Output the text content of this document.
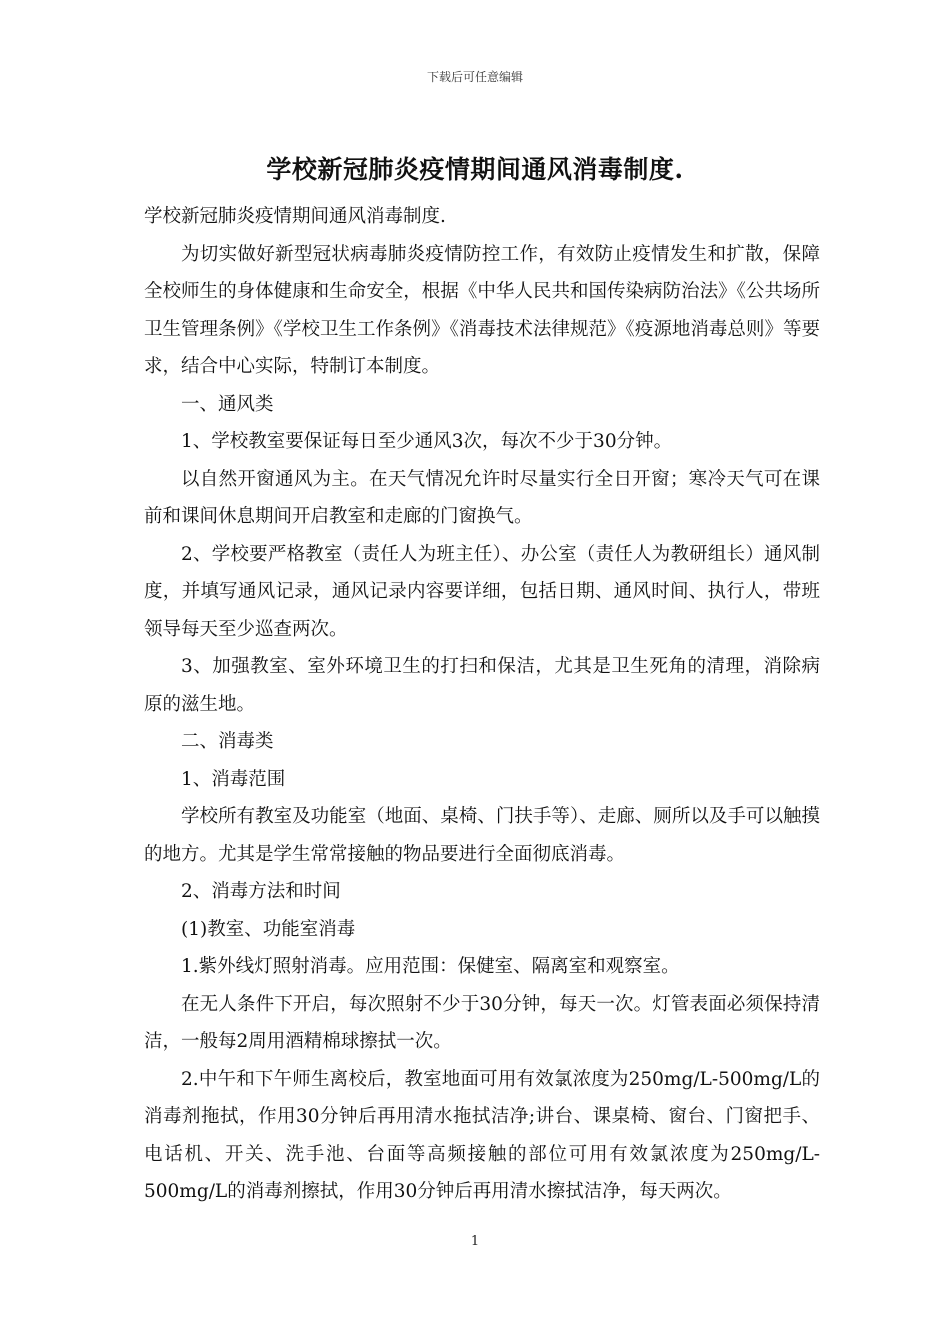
下载后可任意编辑
学校新冠肺炎疫情期间通风消毒制度.

学校新冠肺炎疫情期间通风消毒制度.

为切实做好新型冠状病毒肺炎疫情防控工作，有效防止疫情发生和扩散，保障全校师生的身体健康和生命安全，根据《中华人民共和国传染病防治法》《公共场所卫生管理条例》《学校卫生工作条例》《消毒技术法律规范》《疫源地消毒总则》等要求，结合中心实际，特制订本制度。

一、通风类

1、学校教室要保证每日至少通风3次，每次不少于30分钟。

以自然开窗通风为主。在天气情况允许时尽量实行全日开窗；寒冷天气可在课前和课间休息期间开启教室和走廊的门窗换气。

2、学校要严格教室（责任人为班主任）、办公室（责任人为教研组长）通风制度，并填写通风记录，通风记录内容要详细，包括日期、通风时间、执行人，带班领导每天至少巡查两次。

3、加强教室、室外环境卫生的打扫和保洁，尤其是卫生死角的清理，消除病原的滋生地。

二、消毒类

1、消毒范围

学校所有教室及功能室（地面、桌椅、门扶手等）、走廊、厕所以及手可以触摸的地方。尤其是学生常常接触的物品要进行全面彻底消毒。

2、消毒方法和时间

(1)教室、功能室消毒

1.紫外线灯照射消毒。应用范围：保健室、隔离室和观察室。

在无人条件下开启，每次照射不少于30分钟，每天一次。灯管表面必须保持清洁，一般每2周用酒精棉球擦拭一次。

2.中午和下午师生离校后，教室地面可用有效氯浓度为250mg/L-500mg/L的消毒剂拖拭，作用30分钟后再用清水拖拭洁净;讲台、课桌椅、窗台、门窗把手、电话机、开关、洗手池、台面等高频接触的部位可用有效氯浓度为250mg/L-500mg/L的消毒剂擦拭，作用30分钟后再用清水擦拭洁净，每天两次。

1
